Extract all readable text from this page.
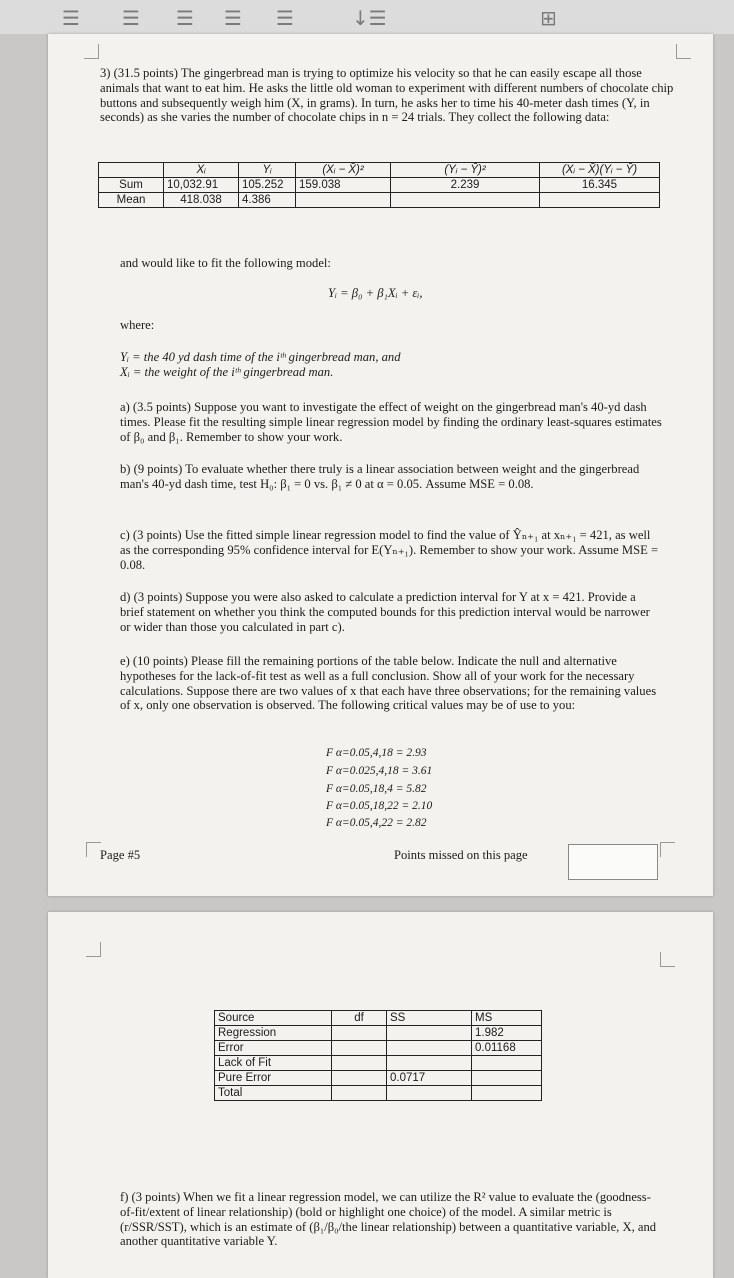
☰ ☰ ☰ ☰ ☰	↓☰	⊞
3) (31.5 points) The gingerbread man is trying to optimize his velocity so that he can easily escape all those animals that want to eat him. He asks the little old woman to experiment with different numbers of chocolate chip buttons and subsequently weigh him (X, in grams). In turn, he asks her to time his 40-meter dash times (Y, in seconds) as she varies the number of chocolate chips in n = 24 trials. They collect the following data:
	Xᵢ	Yᵢ	(Xᵢ − X̄)²	(Yᵢ − Ȳ)²	(Xᵢ − X̄)(Yᵢ − Ȳ)
Sum	10,032.91	105.252	159.038	2.239	16.345
Mean	418.038	4.386			
and would like to fit the following model:
Yᵢ = β₀ + β₁Xᵢ + εᵢ,
where:
Yᵢ = the 40 yd dash time of the iᵗʰ gingerbread man, and
Xᵢ = the weight of the iᵗʰ gingerbread man.
a) (3.5 points) Suppose you want to investigate the effect of weight on the gingerbread man's 40-yd dash times. Please fit the resulting simple linear regression model by finding the ordinary least-squares estimates of β₀ and β₁. Remember to show your work.
b) (9 points) To evaluate whether there truly is a linear association between weight and the gingerbread man's 40-yd dash time, test H₀: β₁ = 0 vs. β₁ ≠ 0 at α = 0.05. Assume MSE = 0.08.
c) (3 points) Use the fitted simple linear regression model to find the value of Ŷₙ₊₁ at xₙ₊₁ = 421, as well as the corresponding 95% confidence interval for E(Yₙ₊₁). Remember to show your work. Assume MSE = 0.08.
d) (3 points) Suppose you were also asked to calculate a prediction interval for Y at x = 421. Provide a brief statement on whether you think the computed bounds for this prediction interval would be narrower or wider than those you calculated in part c).
e) (10 points) Please fill the remaining portions of the table below. Indicate the null and alternative hypotheses for the lack-of-fit test as well as a full conclusion. Show all of your work for the necessary calculations. Suppose there are two values of x that each have three observations; for the remaining values of x, only one observation is observed. The following critical values may be of use to you:
F α=0.05,4,18 = 2.93
F α=0.025,4,18 = 3.61
F α=0.05,18,4 = 5.82
F α=0.05,18,22 = 2.10
F α=0.05,4,22 = 2.82
Page #5	Points missed on this page
Source	df	SS	MS
Regression			1.982
Error			0.01168
Lack of Fit			
Pure Error		0.0717	
Total			
f) (3 points) When we fit a linear regression model, we can utilize the R² value to evaluate the (goodness-of-fit/extent of linear relationship) (bold or highlight one choice) of the model. A similar metric is (r/SSR/SST), which is an estimate of (β₁/β₀/the linear relationship) between a quantitative variable, X, and another quantitative variable Y.
